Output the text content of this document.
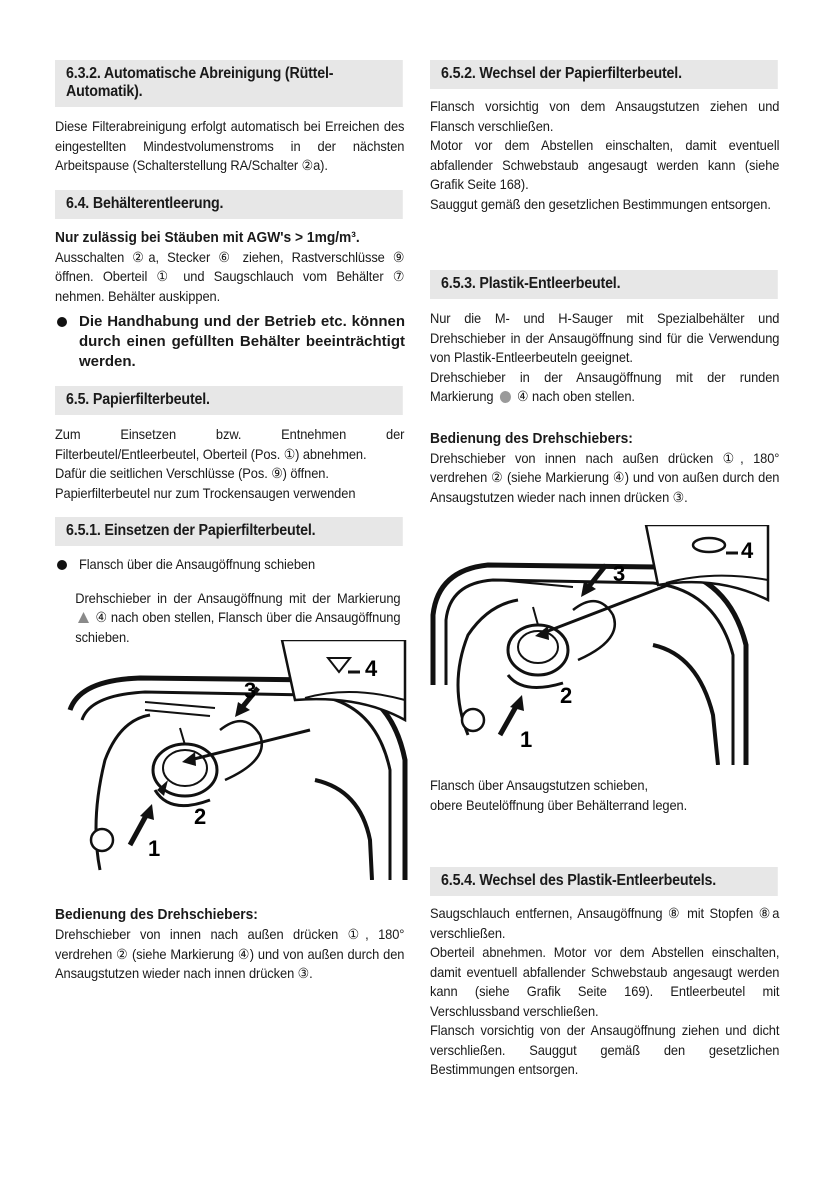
6.3.2. Automatische Abreinigung (Rüttel-Automatik).
Diese Filterabreinigung erfolgt automatisch bei Erreichen des eingestellten Mindestvolumenstroms in der nächsten Arbeitspause (Schalterstellung RA/Schalter ②a).
6.4. Behälterentleerung.
Nur zulässig bei Stäuben mit AGW's > 1mg/m³.
Ausschalten ②a, Stecker ⑥ ziehen, Rastverschlüsse ⑨ öffnen. Oberteil ① und Saugschlauch vom Behälter ⑦ nehmen. Behälter auskippen.
Die Handhabung und der Betrieb etc. können durch einen gefüllten Behälter beeinträchtigt werden.
6.5. Papierfilterbeutel.
Zum Einsetzen bzw. Entnehmen der Filterbeutel/Entleerbeutel, Oberteil (Pos. ①) abnehmen.
Dafür die seitlichen Verschlüsse (Pos. ⑨) öffnen.
Papierfilterbeutel nur zum Trockensaugen verwenden
6.5.1. Einsetzen der Papierfilterbeutel.
Flansch über die Ansaugöffnung schieben
Drehschieber in der Ansaugöffnung mit der Markierung  ④ nach oben stellen, Flansch über die Ansaugöffnung schieben.
3
2
1
4
Bedienung des Drehschiebers:
Drehschieber von innen nach außen drücken ①, 180° verdrehen ② (siehe Markierung ④) und von außen durch den Ansaugstutzen wieder nach innen drücken ③.
6.5.2. Wechsel der Papierfilterbeutel.
Flansch vorsichtig von dem Ansaugstutzen ziehen und Flansch verschließen.
Motor vor dem Abstellen einschalten, damit eventuell abfallender Schwebstaub angesaugt werden kann (siehe Grafik Seite 168).
Sauggut gemäß den gesetzlichen Bestimmungen entsorgen.
6.5.3. Plastik-Entleerbeutel.
Nur die M- und H-Sauger mit Spezialbehälter und Drehschieber in der Ansaugöffnung sind für die Verwendung von Plastik-Entleerbeuteln geeignet.
Drehschieber in der Ansaugöffnung mit der runden Markierung ④ nach oben stellen.
Bedienung des Drehschiebers:
Drehschieber von innen nach außen drücken ①, 180° verdrehen ② (siehe Markierung ④) und von außen durch den Ansaugstutzen wieder nach innen drücken ③.
3
2
1
4
Flansch über Ansaugstutzen schieben,
obere Beutelöffnung über Behälterrand legen.
6.5.4. Wechsel des Plastik-Entleerbeutels.
Saugschlauch entfernen, Ansaugöffnung ⑧ mit Stopfen ⑧a verschließen.
Oberteil abnehmen. Motor vor dem Abstellen einschalten, damit eventuell abfallender Schwebstaub angesaugt werden kann (siehe Grafik Seite 169). Entleerbeutel mit Verschlussband verschließen.
Flansch vorsichtig von der Ansaugöffnung ziehen und dicht verschließen. Sauggut gemäß den gesetzlichen Bestimmungen entsorgen.
